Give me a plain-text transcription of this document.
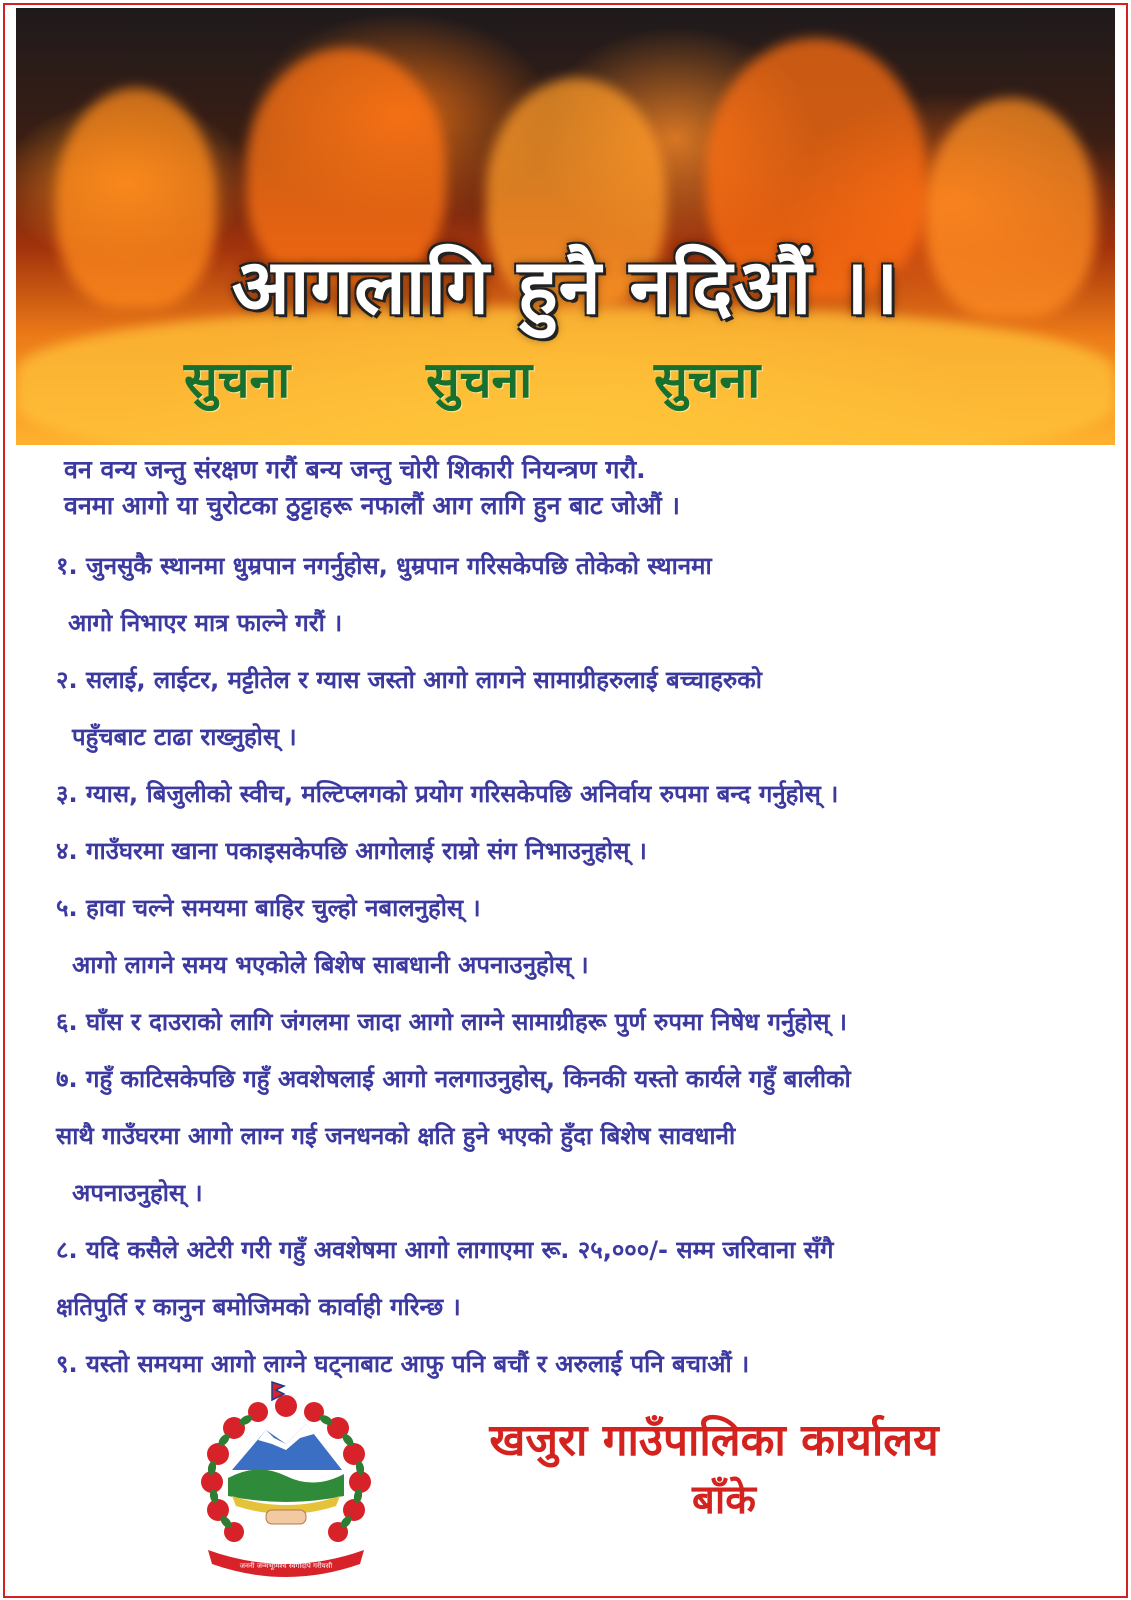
आगलागि हुनै नदिऔं ।।
सुचना	सुचना सुचना
वन वन्य जन्तु संरक्षण गरौं बन्य जन्तु चोरी शिकारी नियन्त्रण गरौ.
वनमा आगो या चुरोटका ठुट्टाहरू नफालौं आग लागि हुन बाट जोऔं ।
१. जुनसुकै स्थानमा धुम्रपान नगर्नुहोस, धुम्रपान गरिसकेपछि तोकेको स्थानमा
आगो निभाएर मात्र फाल्ने गरौं ।
२. सलाई, लाईटर, मट्टीतेल र ग्यास जस्तो आगो लागने सामाग्रीहरुलाई बच्चाहरुको
पहुँचबाट टाढा राख्नुहोस् ।
३. ग्यास, बिजुलीको स्वीच, मल्टिप्लगको प्रयोग गरिसकेपछि अनिर्वाय रुपमा बन्द गर्नुहोस् ।
४. गाउँघरमा खाना पकाइसकेपछि आगोलाई राम्रो संग निभाउनुहोस् ।
५. हावा चल्ने समयमा बाहिर चुल्हो नबालनुहोस् ।
आगो लागने समय भएकोले बिशेष साबधानी अपनाउनुहोस् ।
६. घाँस र दाउराको लागि जंगलमा जादा आगो लाग्ने सामाग्रीहरू पुर्ण रुपमा निषेध गर्नुहोस् ।
७. गहुँ काटिसकेपछि गहुँ अवशेषलाई आगो नलगाउनुहोस्, किनकी यस्तो कार्यले गहुँ बालीको
साथै गाउँघरमा आगो लाग्न गई जनधनको क्षति हुने भएको हुँदा बिशेष सावधानी
अपनाउनुहोस् ।
८. यदि कसैले अटेरी गरी गहुँ अवशेषमा आगो लागाएमा रू. २५,०००/- सम्म जरिवाना सँगै
क्षतिपुर्ति र कानुन बमोजिमको कार्वाही गरिन्छ ।
९. यस्तो समयमा आगो लाग्ने घट्नाबाट आफु पनि बचौं र अरुलाई पनि बचाऔं ।
जननी जन्मभूमिश्च स्वर्गादपि गरीयसी
खजुरा गाउँपालिका कार्यालय
बाँके
